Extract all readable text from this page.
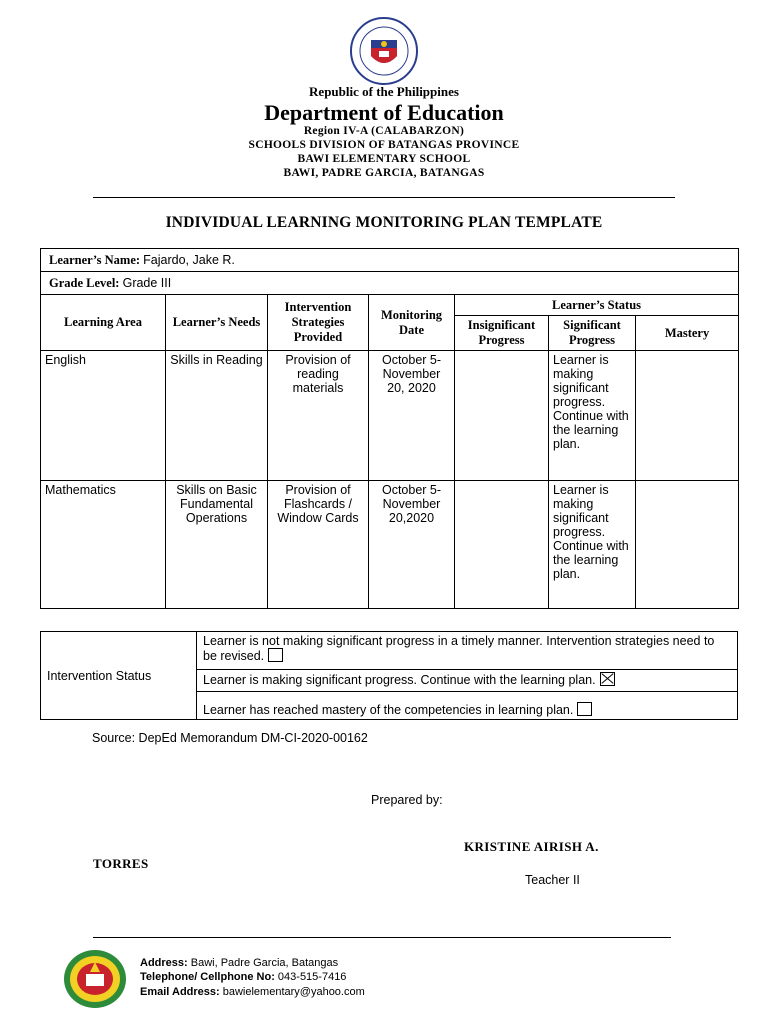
Republic of the Philippines
Department of Education
Region IV-A (CALABARZON)
SCHOOLS DIVISION OF BATANGAS PROVINCE
BAWI ELEMENTARY SCHOOL
BAWI, PADRE GARCIA, BATANGAS
INDIVIDUAL LEARNING MONITORING PLAN TEMPLATE
Learner’s Name: Fajardo, Jake R.						
Grade Level: Grade III						
Learning Area	Learner’s Needs	Intervention Strategies Provided	Monitoring Date	Learner’s Status		
				Insignificant Progress	Significant Progress	Mastery
English	Skills in Reading	Provision of reading materials	October 5- November 20, 2020		Learner is making significant progress. Continue with the learning plan.	
Mathematics	Skills on Basic Fundamental Operations	Provision of Flashcards / Window Cards	October 5- November 20,2020		Learner is making significant progress. Continue with the learning plan.	
Intervention Status	Learner is not making significant progress in a timely manner. Intervention strategies need to be revised.
Learner is making significant progress. Continue with the learning plan.
Learner has reached mastery of the competencies in learning plan.
Source: DepEd Memorandum DM-CI-2020-00162
Prepared by:
KRISTINE AIRISH A.
TORRES
Teacher II
Address: Bawi, Padre Garcia, Batangas
Telephone/ Cellphone No: 043-515-7416
Email Address: bawielementary@yahoo.com
